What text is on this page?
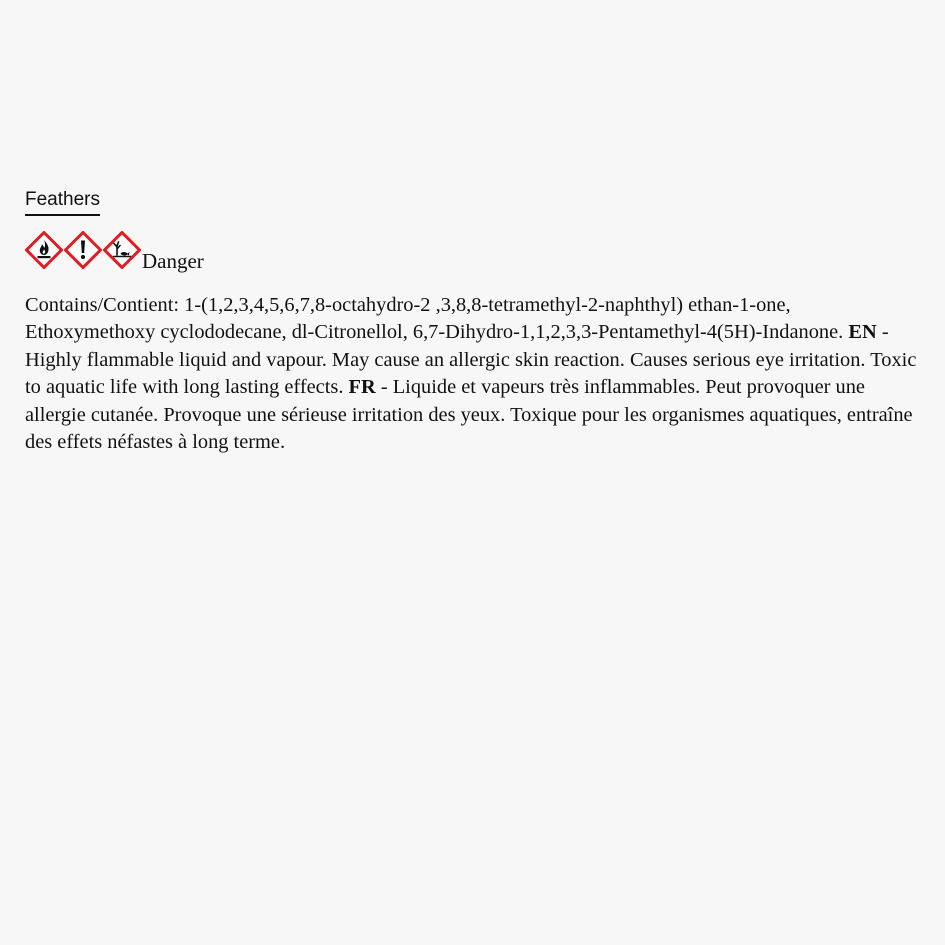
Feathers
Danger
Contains/Contient: 1-(1,2,3,4,5,6,7,8-octahydro-2 ,3,8,8-tetramethyl-2-naphthyl) ethan-1-one, Ethoxymethoxy cyclododecane, dl-Citronellol, 6,7-Dihydro-1,1,2,3,3-Pentamethyl-4(5H)-Indanone. EN - Highly flammable liquid and vapour. May cause an allergic skin reaction. Causes serious eye irritation. Toxic to aquatic life with long lasting effects. FR - Liquide et vapeurs très inflammables. Peut provoquer une allergie cutanée. Provoque une sérieuse irritation des yeux. Toxique pour les organismes aquatiques, entraîne des effets néfastes à long terme.
